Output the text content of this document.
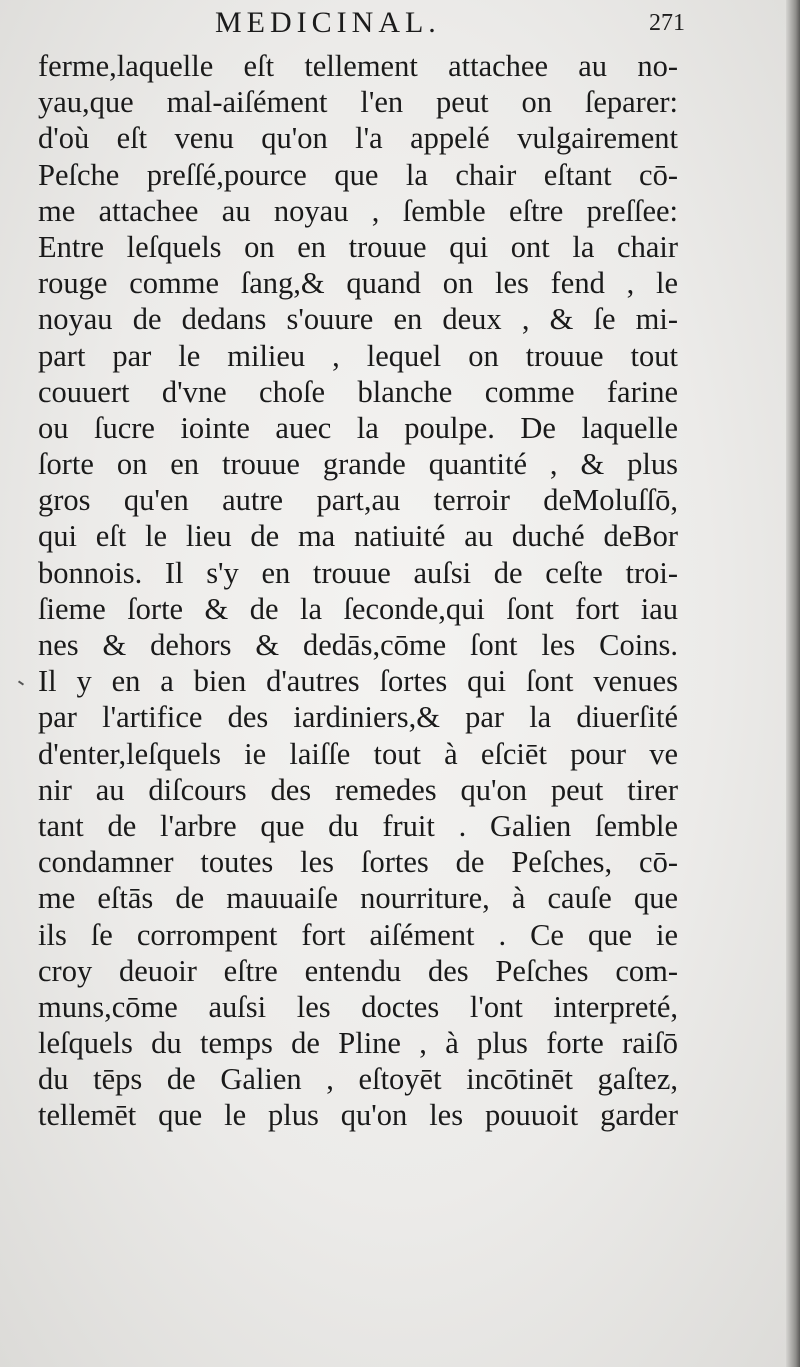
MEDICINAL.	271
ferme,laquelle eſt tellement attachee au no-
yau,que mal-aiſément l'en peut on ſeparer:
d'où eſt venu qu'on l'a appelé vulgairement
Peſche preſſé,pource que la chair eſtant cō-
me attachee au noyau , ſemble eſtre preſſee:
Entre leſquels on en trouue qui ont la chair
rouge comme ſang,& quand on les fend , le
noyau de dedans s'ouure en deux , & ſe mi-
part par le milieu , lequel on trouue tout
couuert d'vne choſe blanche comme farine
ou ſucre iointe auec la poulpe. De laquelle
ſorte on en trouue grande quantité , & plus
gros qu'en autre part,au terroir deMoluſſō,
qui eſt le lieu de ma natiuité au duché deBor
bonnois. Il s'y en trouue auſsi de ceſte troi-
ſieme ſorte & de la ſeconde,qui ſont fort iau
nes & dehors & dedās,cōme ſont les Coins.
Il y en a bien d'autres ſortes qui ſont venues
par l'artifice des iardiniers,& par la diuerſité
d'enter,leſquels ie laiſſe tout à eſciēt pour ve
nir au diſcours des remedes qu'on peut tirer
tant de l'arbre que du fruit . Galien ſemble
condamner toutes les ſortes de Peſches, cō-
me eſtās de mauuaiſe nourriture, à cauſe que
ils ſe corrompent fort aiſément . Ce que ie
croy deuoir eſtre entendu des Peſches com-
muns,cōme auſsi les doctes l'ont interpreté,
leſquels du temps de Pline , à plus forte raiſō
du tēps de Galien , eſtoyēt incōtinēt gaſtez,
tellemēt que le plus qu'on les pouuoit garder
